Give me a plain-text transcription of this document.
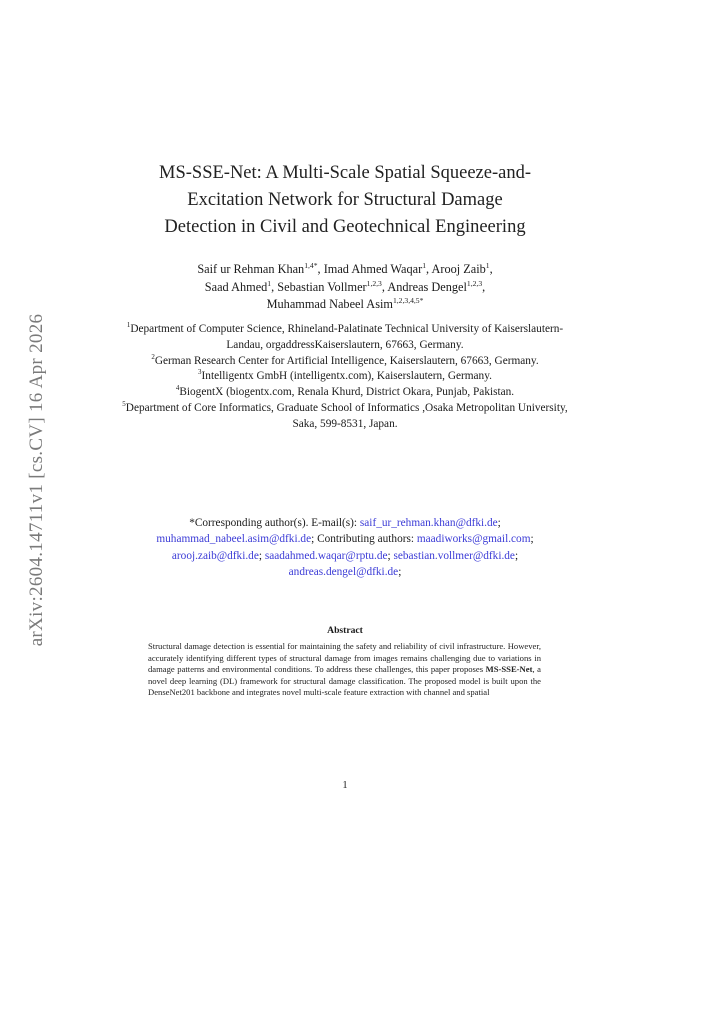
arXiv:2604.14711v1 [cs.CV] 16 Apr 2026
MS-SSE-Net: A Multi-Scale Spatial Squeeze-and-
Excitation Network for Structural Damage
Detection in Civil and Geotechnical Engineering
Saif ur Rehman Khan$^{1,4*}$, Imad Ahmed Waqar$^1$, Arooj Zaib$^1$,
Saad Ahmed$^1$, Sebastian Vollmer$^{1,2,3}$, Andreas Dengel$^{1,2,3}$,
Muhammad Nabeel Asim$^{1,2,3,4,5*}$

$^1$Department of Computer Science, Rhineland-Palatinate Technical University of Kaiserslautern-Landau, orgaddressKaiserslautern, 67663, Germany.

$^2$German Research Center for Artificial Intelligence, Kaiserslautern, 67663, Germany.

$^3$Intelligentx GmbH (intelligentx.com), Kaiserslautern, Germany.

$^4$BiogentX (biogentx.com, Renala Khurd, District Okara, Punjab, Pakistan.

$^5$Department of Core Informatics, Graduate School of Informatics ,Osaka Metropolitan University, Saka, 599-8531, Japan.

*Corresponding author(s). E-mail(s): saif_ur_rehman.khan@dfki.de; muhammad_nabeel.asim@dfki.de; Contributing authors: maadiworks@gmail.com; arooj.zaib@dfki.de; saadahmed.waqar@rptu.de; sebastian.vollmer@dfki.de; andreas.dengel@dfki.de;
Abstract
Structural damage detection is essential for maintaining the safety and reliability of civil infrastructure. However, accurately identifying different types of structural damage from images remains challenging due to variations in damage patterns and environmental conditions. To address these challenges, this paper proposes MS-SSE-Net, a novel deep learning (DL) framework for structural damage classification. The proposed model is built upon the DenseNet201 backbone and integrates novel multi-scale feature extraction with channel and spatial
1
